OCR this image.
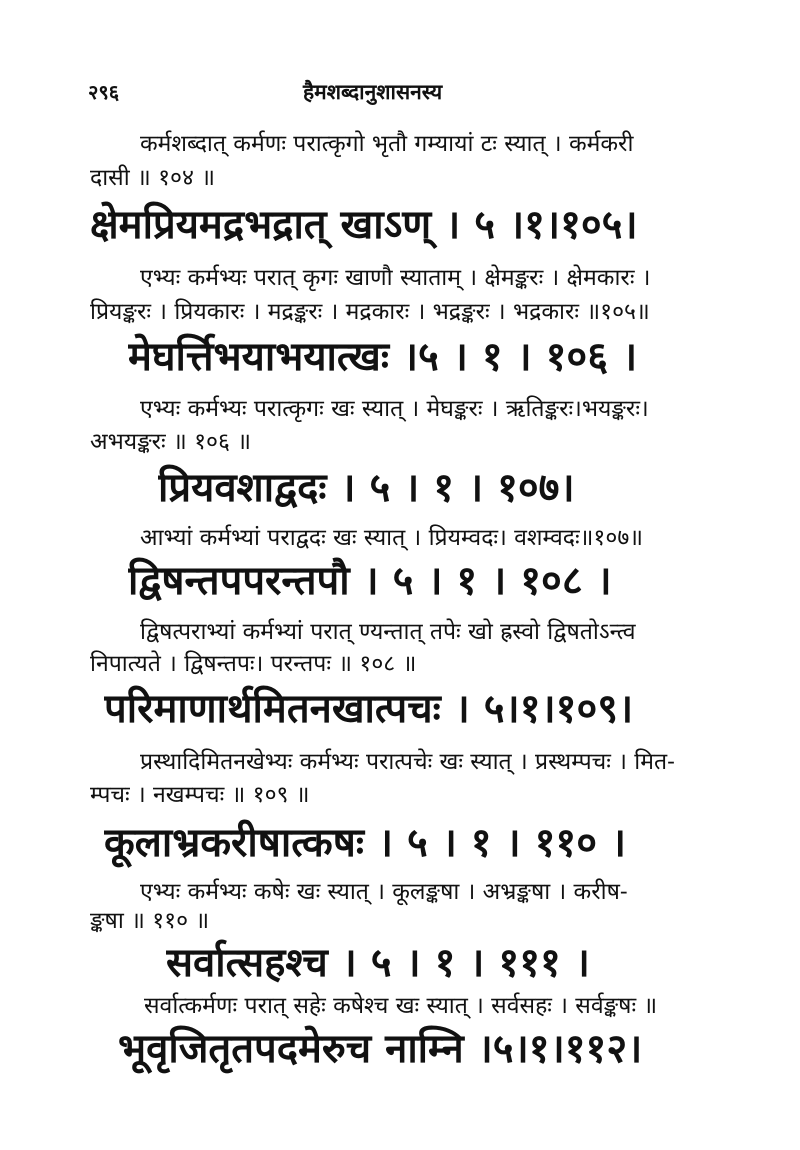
२९६	हैमशब्दानुशासनस्य
कर्मशब्दात् कर्मणः परात्कृगो भृतौ गम्यायां टः स्यात् । कर्मकरी
दासी ॥ १०४ ॥
क्षेमप्रियमद्रभद्रात् खाऽण् । ५ ।१।१०५।
एभ्यः कर्मभ्यः परात् कृगः खाणौ स्याताम् । क्षेमङ्करः । क्षेमकारः ।
प्रियङ्करः । प्रियकारः । मद्रङ्करः । मद्रकारः । भद्रङ्करः । भद्रकारः ॥१०५॥
मेघर्त्तिभयाभयात्खः ।५ । १ । १०६ ।
एभ्यः कर्मभ्यः परात्कृगः खः स्यात् । मेघङ्करः । ऋतिङ्करः।भयङ्करः।
अभयङ्करः ॥ १०६ ॥
प्रियवशाद्वदः । ५ । १ । १०७।
आभ्यां कर्मभ्यां पराद्वदः खः स्यात् । प्रियम्वदः। वशम्वदः॥१०७॥
द्विषन्तपपरन्तपौ । ५ । १ । १०८ ।
द्विषत्पराभ्यां कर्मभ्यां परात् ण्यन्तात् तपेः खो ह्रस्वो द्विषतोऽन्त्व
निपात्यते । द्विषन्तपः। परन्तपः ॥ १०८ ॥
परिमाणार्थमितनखात्पचः । ५।१।१०९।
प्रस्थादिमितनखेभ्यः कर्मभ्यः परात्पचेः खः स्यात् । प्रस्थम्पचः । मित-
म्पचः । नखम्पचः ॥ १०९ ॥
कूलाभ्रकरीषात्कषः । ५ । १ । ११० ।
एभ्यः कर्मभ्यः कषेः खः स्यात् । कूलङ्कषा । अभ्रङ्कषा । करीष-
ङ्कषा ॥ ११० ॥
सर्वात्सहश्च । ५ । १ । १११ ।
सर्वात्कर्मणः परात् सहेः कषेश्च खः स्यात् । सर्वसहः । सर्वङ्कषः ॥
भूवृजितृतपदमेरुच नाम्नि ।५।१।११२।
